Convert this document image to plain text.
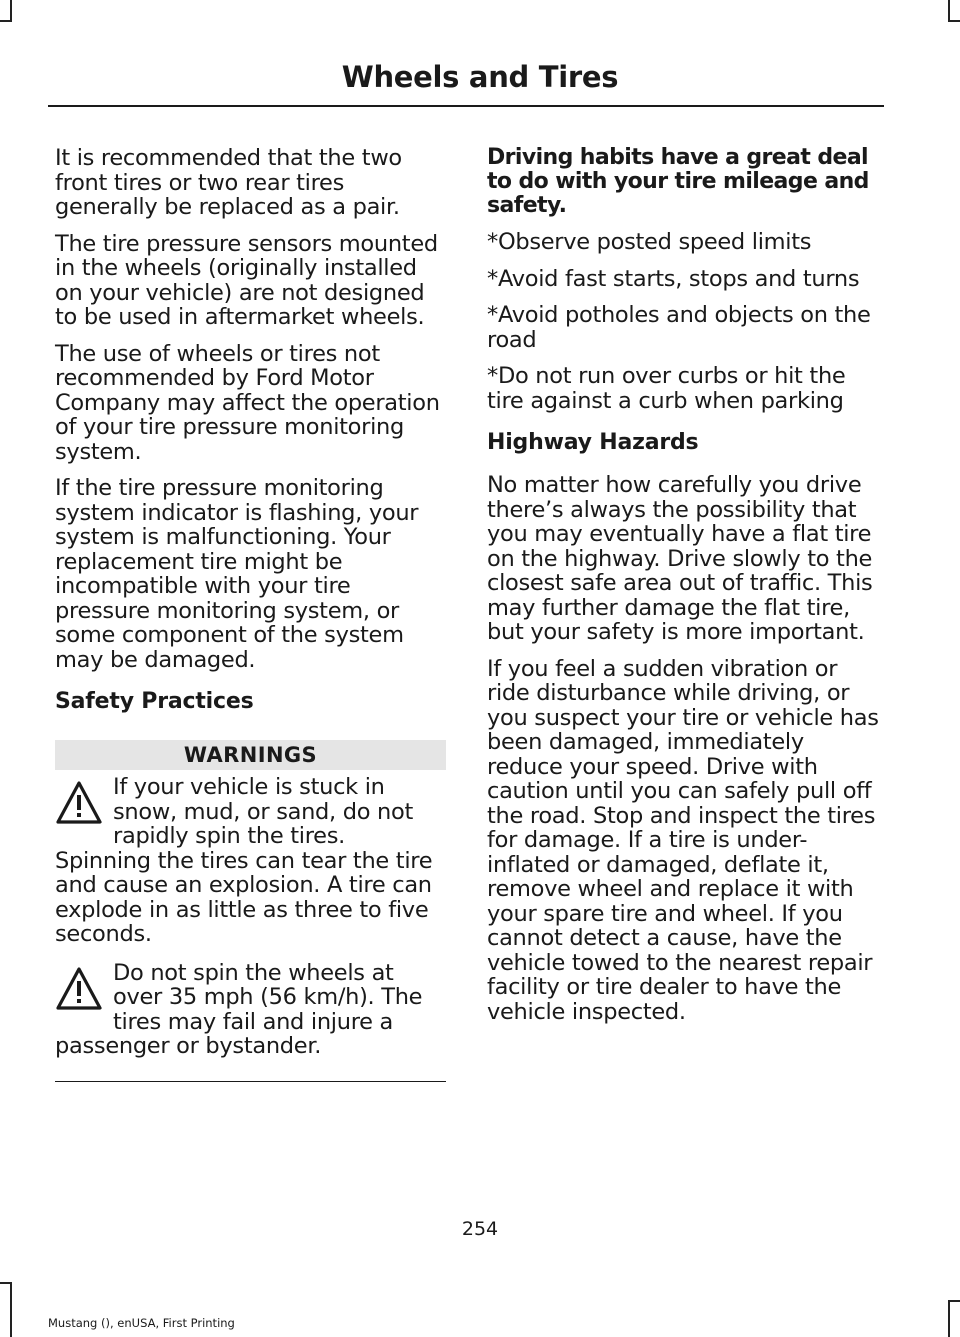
Wheels and Tires

It is recommended that the two front tires or two rear tires generally be replaced as a pair.

The tire pressure sensors mounted in the wheels (originally installed on your vehicle) are not designed to be used in aftermarket wheels.

The use of wheels or tires not recommended by Ford Motor Company may affect the operation of your tire pressure monitoring system.

If the tire pressure monitoring system indicator is flashing, your system is malfunctioning. Your replacement tire might be incompatible with your tire pressure monitoring system, or some component of the system may be damaged.

Safety Practices
WARNINGS
If your vehicle is stuck in snow, mud, or sand, do not rapidly spin the tires. Spinning the tires can tear the tire and cause an explosion. A tire can explode in as little as three to five seconds.
Do not spin the wheels at over 35 mph (56 km/h). The tires may fail and injure a passenger or bystander.
Driving habits have a great deal to do with your tire mileage and safety.

*Observe posted speed limits

*Avoid fast starts, stops and turns

*Avoid potholes and objects on the road

*Do not run over curbs or hit the tire against a curb when parking

Highway Hazards

No matter how carefully you drive there’s always the possibility that you may eventually have a flat tire on the highway. Drive slowly to the closest safe area out of traffic. This may further damage the flat tire, but your safety is more important.

If you feel a sudden vibration or ride disturbance while driving, or you suspect your tire or vehicle has been damaged, immediately reduce your speed. Drive with caution until you can safely pull off the road. Stop and inspect the tires for damage. If a tire is under-inflated or damaged, deflate it, remove wheel and replace it with your spare tire and wheel. If you cannot detect a cause, have the vehicle towed to the nearest repair facility or tire dealer to have the vehicle inspected.

254
Mustang (), enUSA, First Printing
